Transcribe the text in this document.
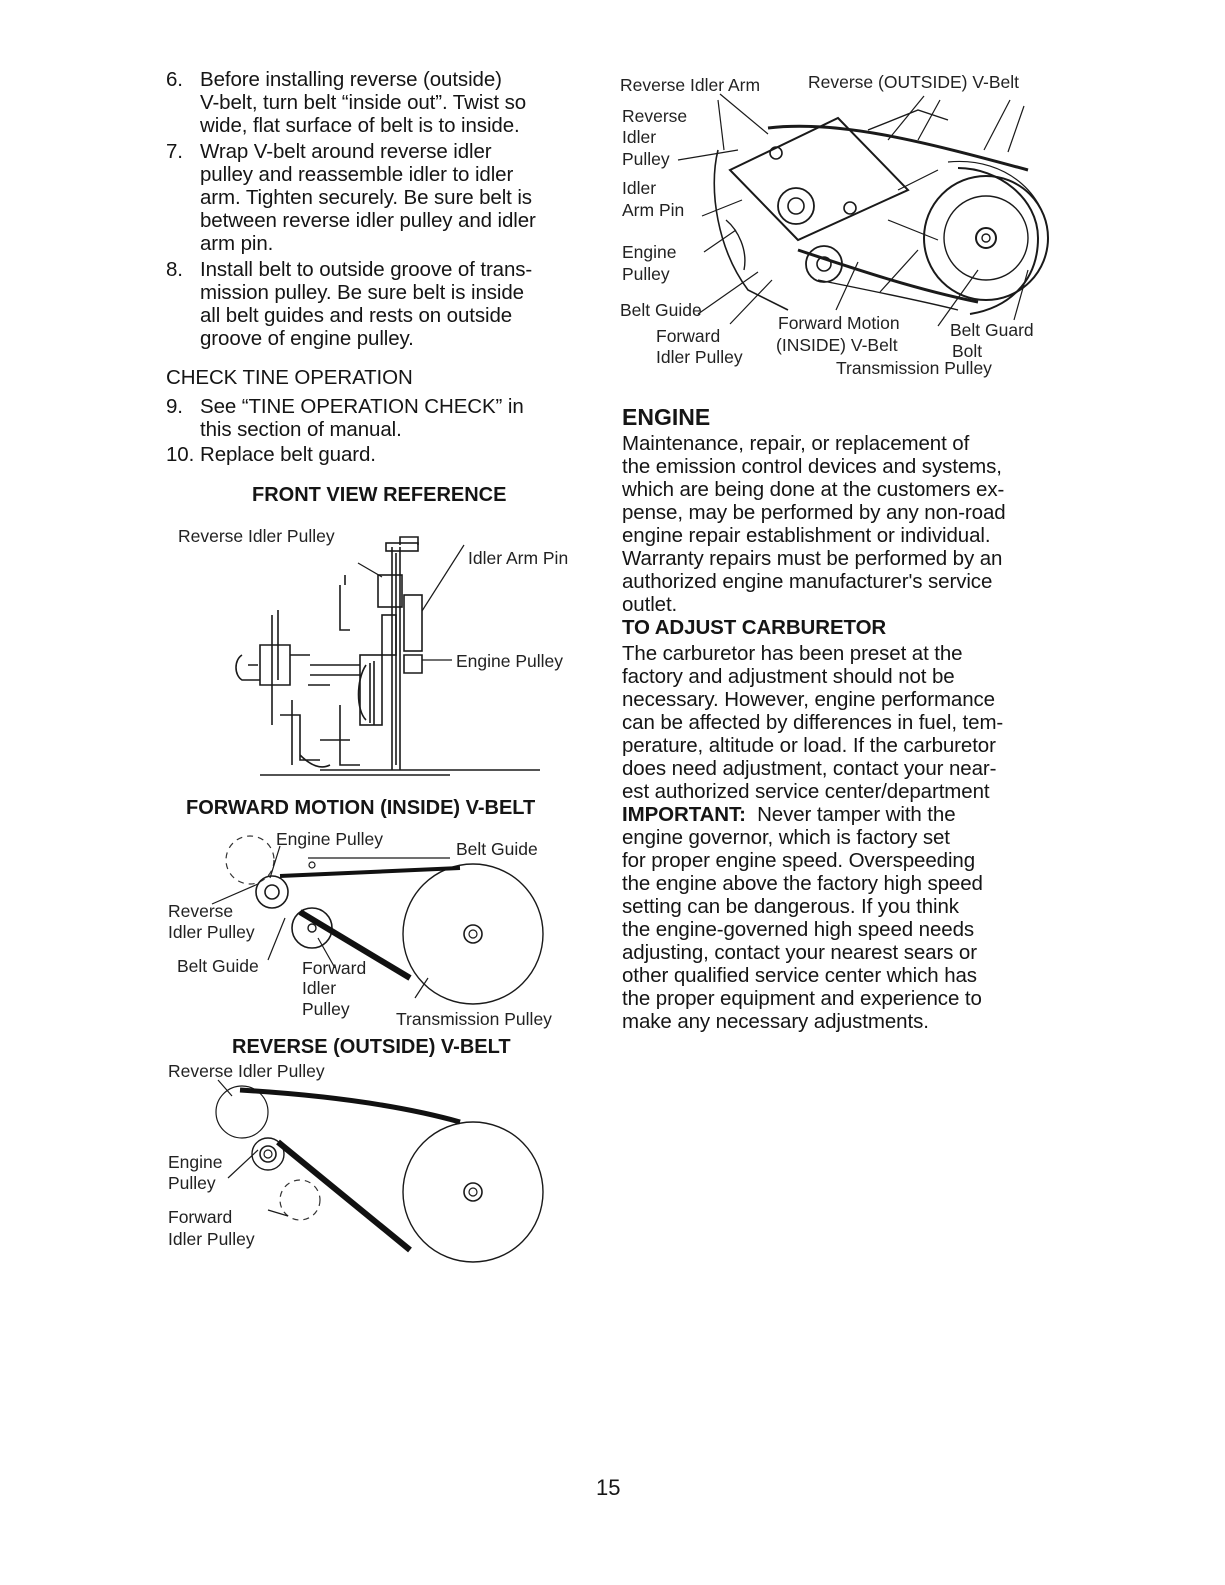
6. Before installing reverse (outside)
V-belt, turn belt “inside out”. Twist so
wide, flat surface of belt is to inside.
7. Wrap V-belt around reverse idler
pulley and reassemble idler to idler
arm. Tighten securely. Be sure belt is
between reverse idler pulley and idler
arm pin.
8. Install belt to outside groove of trans-
mission pulley. Be sure belt is inside
all belt guides and rests on outside
groove of engine pulley.
CHECK TINE OPERATION
9. See “TINE OPERATION CHECK” in
this section of manual.
10. Replace belt guard.
FRONT VIEW REFERENCE
Reverse Idler Pulley
Idler Arm Pin
Engine Pulley
FORWARD MOTION (INSIDE) V-BELT
Engine Pulley	Belt Guide
Reverse
Idler Pulley
Belt Guide Forward
Idler
Pulley	Transmission Pulley
REVERSE (OUTSIDE) V-BELT
Reverse Idler Pulley
Engine
Pulley
Forward
Idler Pulley
Reverse Idler Arm	Reverse (OUTSIDE) V-Belt
Reverse
Idler
Pulley
Idler
Arm Pin
Engine
Pulley
Belt Guide
Forward
Idler Pulley
Forward Motion
(INSIDE) V-Belt
Belt Guard
Bolt
Transmission Pulley
ENGINE
Maintenance, repair, or replacement of
the emission control devices and systems,
which are being done at the customers ex-
pense, may be performed by any non-road
engine repair establishment or individual.
Warranty repairs must be performed by an
authorized engine manufacturer's service
outlet.
TO ADJUST CARBURETOR
The carburetor has been preset at the
factory and adjustment should not be
necessary. However, engine performance
can be affected by differences in fuel, tem-
perature, altitude or load. If the carburetor
does need adjustment, contact your near-
est authorized service center/department
IMPORTANT:  Never tamper with the
engine governor, which is factory set
for proper engine speed. Overspeeding
the engine above the factory high speed
setting can be dangerous. If you think
the engine-governed high speed needs
adjusting, contact your nearest sears or
other qualified service center which has
the proper equipment and experience to
make any necessary adjustments.
15
